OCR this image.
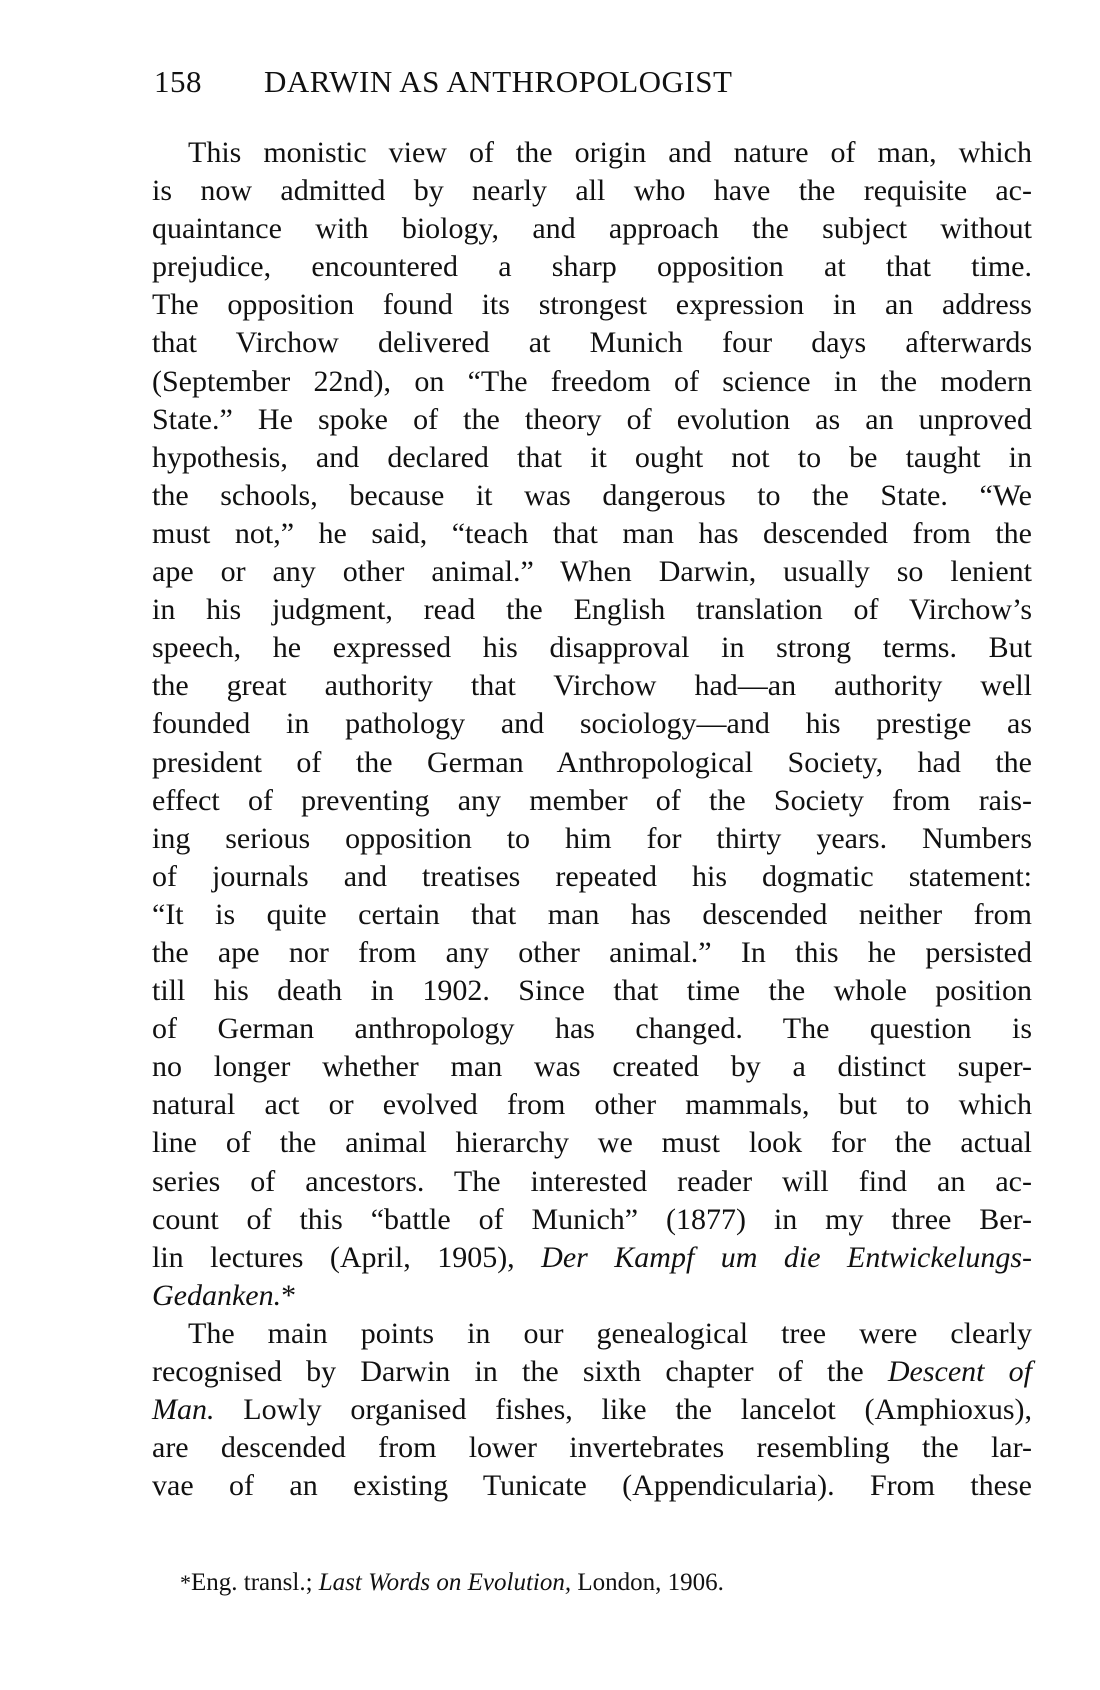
158 DARWIN AS ANTHROPOLOGIST

This monistic view of the origin and nature of man, which
is now admitted by nearly all who have the requisite ac-
quaintance with biology, and approach the subject without
prejudice, encountered a sharp opposition at that time.
The opposition found its strongest expression in an address
that Virchow delivered at Munich four days afterwards
(September 22nd), on “The freedom of science in the modern
State.” He spoke of the theory of evolution as an unproved
hypothesis, and declared that it ought not to be taught in
the schools, because it was dangerous to the State. “We
must not,” he said, “teach that man has descended from the
ape or any other animal.” When Darwin, usually so lenient
in his judgment, read the English translation of Virchow’s
speech, he expressed his disapproval in strong terms. But
the great authority that Virchow had—an authority well
founded in pathology and sociology—and his prestige as
president of the German Anthropological Society, had the
effect of preventing any member of the Society from rais-
ing serious opposition to him for thirty years. Numbers
of journals and treatises repeated his dogmatic statement:
“It is quite certain that man has descended neither from
the ape nor from any other animal.” In this he persisted
till his death in 1902. Since that time the whole position
of German anthropology has changed. The question is
no longer whether man was created by a distinct super-
natural act or evolved from other mammals, but to which
line of the animal hierarchy we must look for the actual
series of ancestors. The interested reader will find an ac-
count of this “battle of Munich” (1877) in my three Ber-
lin lectures (April, 1905), Der Kampf um die Entwickelungs-
Gedanken.*

The main points in our genealogical tree were clearly
recognised by Darwin in the sixth chapter of the Descent of
Man. Lowly organised fishes, like the lancelot (Amphioxus),
are descended from lower invertebrates resembling the lar-
vae of an existing Tunicate (Appendicularia). From these

*Eng. transl.; Last Words on Evolution, London, 1906.
